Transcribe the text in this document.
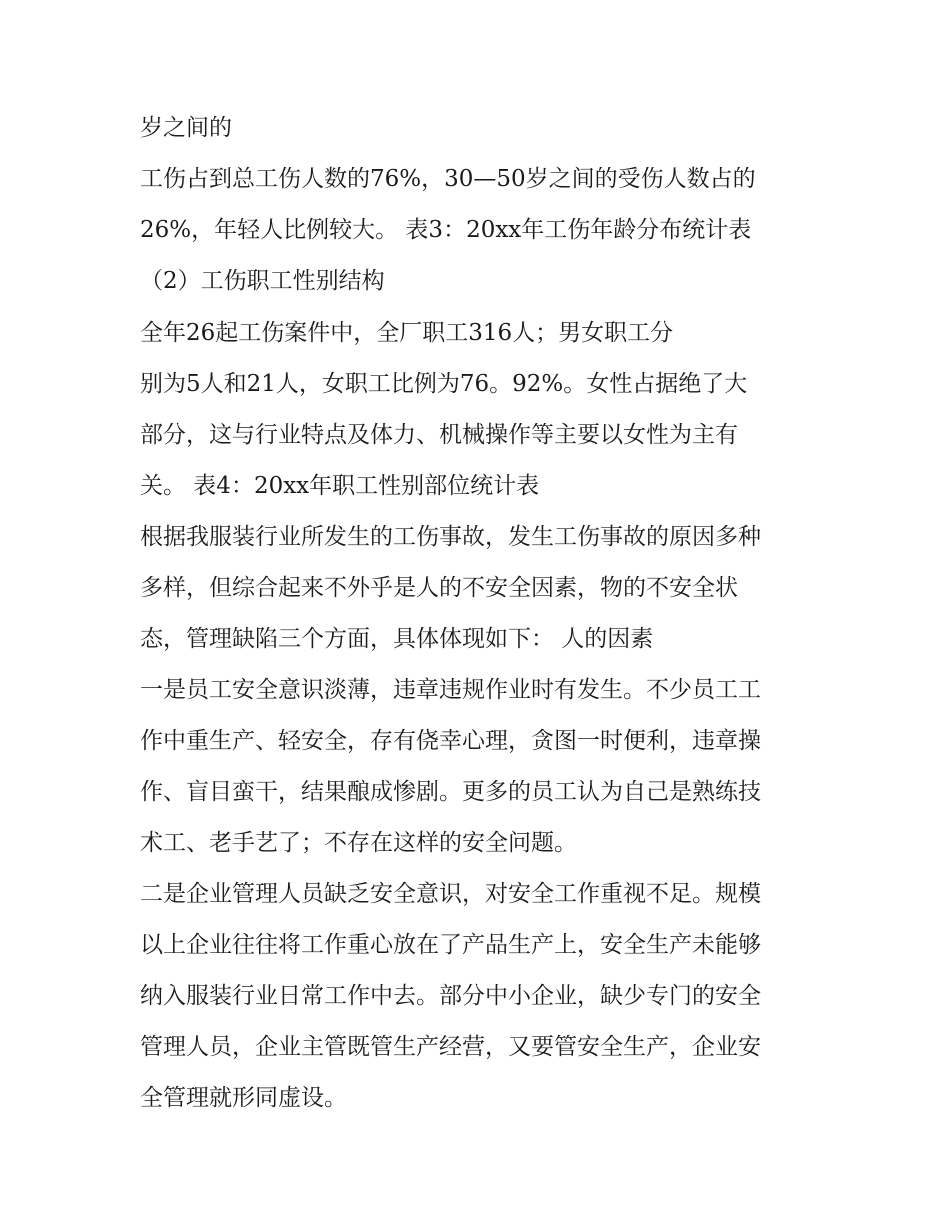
岁之间的

工伤占到总工伤人数的76%，30—50岁之间的受伤人数占的

26%，年轻人比例较大。 表3：20xx年工伤年龄分布统计表

（2）工伤职工性别结构

全年26起工伤案件中，全厂职工316人；男女职工分

别为5人和21人，女职工比例为76。92%。女性占据绝了大

部分，这与行业特点及体力、机械操作等主要以女性为主有

关。 表4：20xx年职工性别部位统计表

根据我服装行业所发生的工伤事故，发生工伤事故的原因多种

多样，但综合起来不外乎是人的不安全因素，物的不安全状

态，管理缺陷三个方面，具体体现如下： 人的因素

一是员工安全意识淡薄，违章违规作业时有发生。不少员工工

作中重生产、轻安全，存有侥幸心理，贪图一时便利，违章操

作、盲目蛮干，结果酿成惨剧。更多的员工认为自己是熟练技

术工、老手艺了；不存在这样的安全问题。

二是企业管理人员缺乏安全意识，对安全工作重视不足。规模

以上企业往往将工作重心放在了产品生产上，安全生产未能够

纳入服装行业日常工作中去。部分中小企业，缺少专门的安全

管理人员，企业主管既管生产经营，又要管安全生产，企业安

全管理就形同虚设。
